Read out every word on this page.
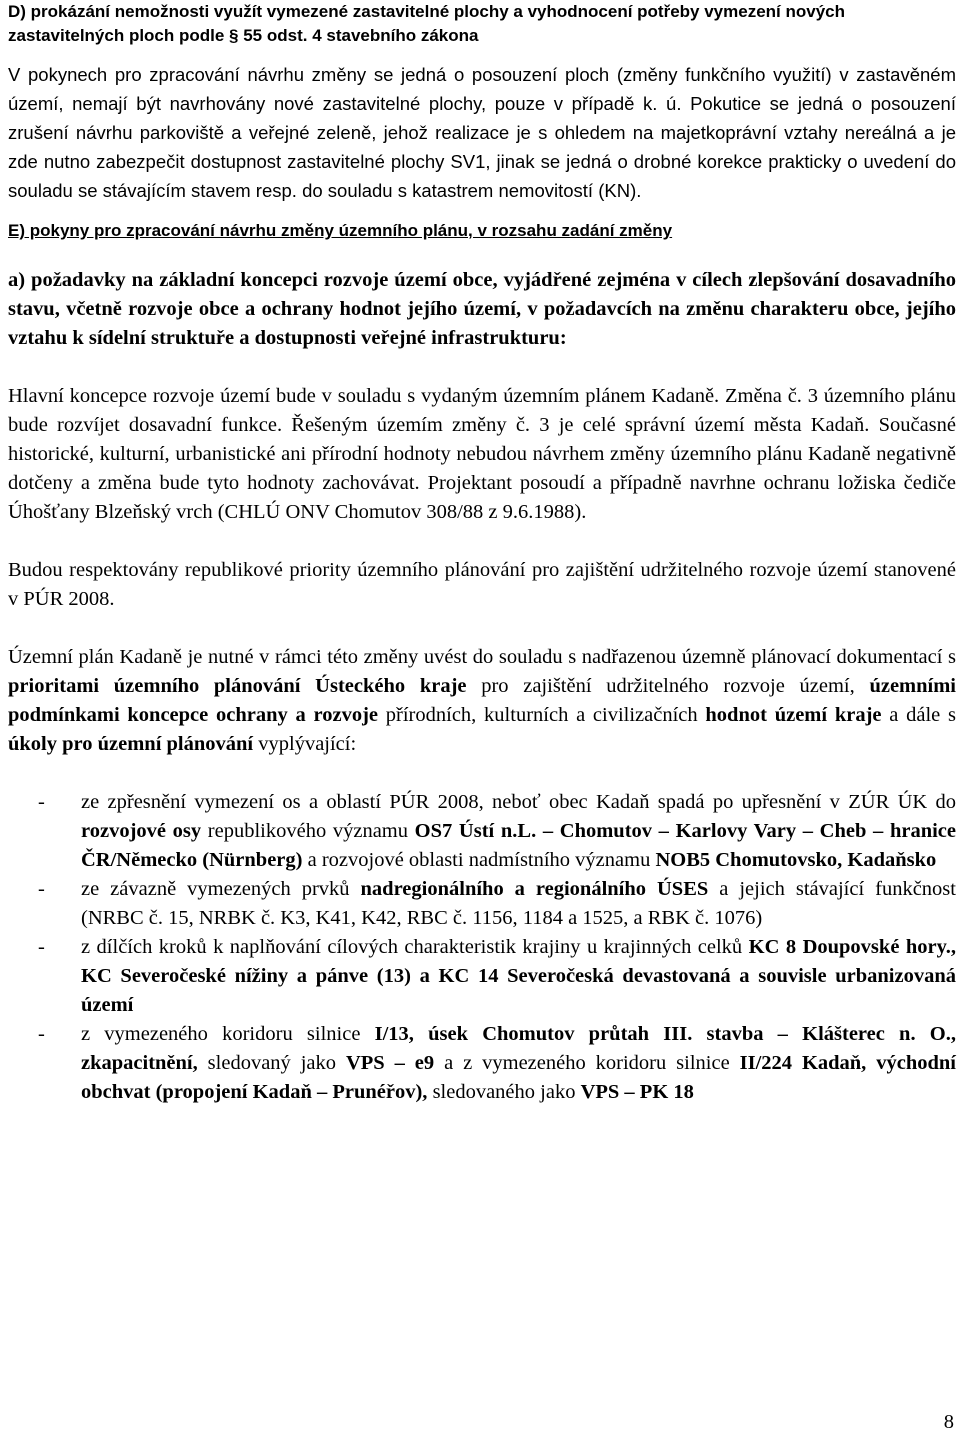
D) prokázání nemožnosti využít vymezené zastavitelné plochy a vyhodnocení potřeby vymezení nových zastavitelných ploch podle § 55 odst. 4 stavebního zákona

V pokynech pro zpracování návrhu změny se jedná o posouzení ploch (změny funkčního využití) v zastavěném území, nemají být navrhovány nové zastavitelné plochy, pouze v případě k. ú. Pokutice se jedná o posouzení zrušení návrhu parkoviště a veřejné zeleně, jehož realizace je s ohledem na majetkoprávní vztahy nereálná a je zde nutno zabezpečit dostupnost zastavitelné plochy SV1, jinak se jedná o drobné korekce prakticky o uvedení do souladu se stávajícím stavem resp. do souladu s katastrem nemovitostí (KN).

E) pokyny pro zpracování návrhu změny územního plánu, v rozsahu zadání změny

a) požadavky na základní koncepci rozvoje území obce, vyjádřené zejména v cílech zlepšování dosavadního stavu, včetně rozvoje obce a ochrany hodnot jejího území, v požadavcích na změnu charakteru obce, jejího vztahu k sídelní struktuře a dostupnosti veřejné infrastrukturu:

Hlavní koncepce rozvoje území bude v souladu s vydaným územním plánem Kadaně. Změna č. 3 územního plánu bude rozvíjet dosavadní funkce. Řešeným územím změny č. 3 je celé správní území města Kadaň. Současné historické, kulturní, urbanistické ani přírodní hodnoty nebudou návrhem změny územního plánu Kadaně negativně dotčeny a změna bude tyto hodnoty zachovávat. Projektant posoudí a případně navrhne ochranu ložiska čediče Úhošťany Blzeňský vrch (CHLÚ ONV Chomutov 308/88 z 9.6.1988).

Budou respektovány republikové priority územního plánování pro zajištění udržitelného rozvoje území stanovené v PÚR 2008.

Územní plán Kadaně je nutné v rámci této změny uvést do souladu s nadřazenou územně plánovací dokumentací s prioritami územního plánování Ústeckého kraje pro zajištění udržitelného rozvoje území, územními podmínkami koncepce ochrany a rozvoje přírodních, kulturních a civilizačních hodnot území kraje a dále s úkoly pro územní plánování vyplývající:

- ze zpřesnění vymezení os a oblastí PÚR 2008, neboť obec Kadaň spadá po upřesnění v ZÚR ÚK do rozvojové osy republikového významu OS7 Ústí n.L. – Chomutov – Karlovy Vary – Cheb – hranice ČR/Německo (Nürnberg) a rozvojové oblasti nadmístního významu NOB5 Chomutovsko, Kadaňsko
- ze závazně vymezených prvků nadregionálního a regionálního ÚSES a jejich stávající funkčnost (NRBC č. 15, NRBK č. K3, K41, K42, RBC č. 1156, 1184 a 1525, a RBK č. 1076)
- z dílčích kroků k naplňování cílových charakteristik krajiny u krajinných celků KC 8 Doupovské hory., KC Severočeské nížiny a pánve (13) a KC 14 Severočeská devastovaná a souvisle urbanizovaná území
- z vymezeného koridoru silnice I/13, úsek Chomutov průtah III. stavba – Klášterec n. O., zkapacitnění, sledovaný jako VPS – e9 a z vymezeného koridoru silnice II/224 Kadaň, východní obchvat (propojení Kadaň – Prunéřov), sledovaného jako VPS – PK 18
8
